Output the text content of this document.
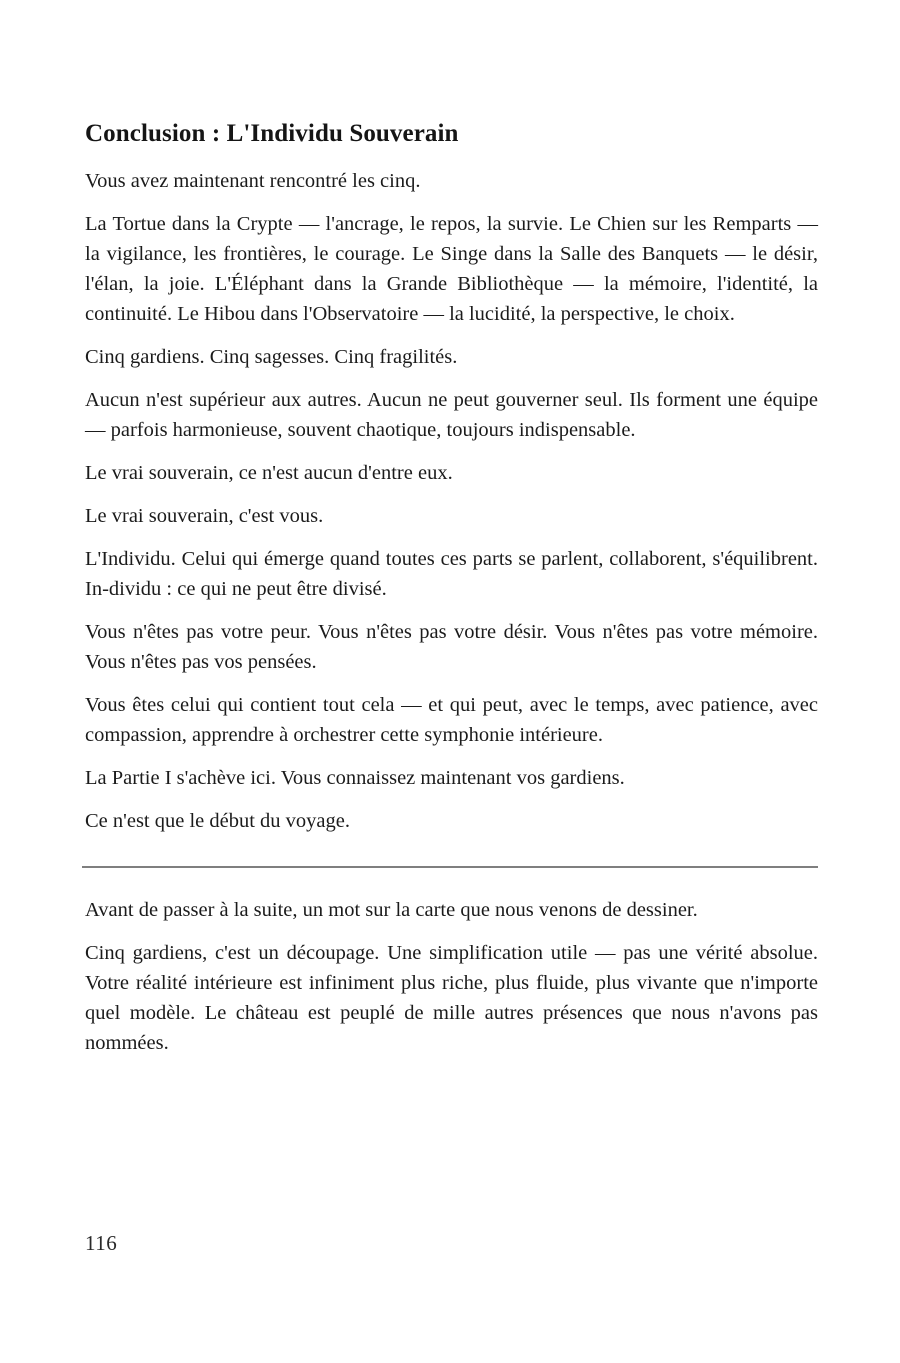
Conclusion : L'Individu Souverain

Vous avez maintenant rencontré les cinq.

La Tortue dans la Crypte — l'ancrage, le repos, la survie. Le Chien sur les Remparts — la vigilance, les frontières, le courage. Le Singe dans la Salle des Banquets — le désir, l'élan, la joie. L'Éléphant dans la Grande Bibliothèque — la mémoire, l'identité, la continuité. Le Hibou dans l'Observatoire — la lucidité, la perspective, le choix.

Cinq gardiens. Cinq sagesses. Cinq fragilités.

Aucun n'est supérieur aux autres. Aucun ne peut gouverner seul. Ils forment une équipe — parfois harmonieuse, souvent chaotique, toujours indispensable.

Le vrai souverain, ce n'est aucun d'entre eux.

Le vrai souverain, c'est vous.

L'Individu. Celui qui émerge quand toutes ces parts se parlent, collaborent, s'équilibrent. In-dividu : ce qui ne peut être divisé.

Vous n'êtes pas votre peur. Vous n'êtes pas votre désir. Vous n'êtes pas votre mémoire. Vous n'êtes pas vos pensées.

Vous êtes celui qui contient tout cela — et qui peut, avec le temps, avec patience, avec compassion, apprendre à orchestrer cette symphonie intérieure.

La Partie I s'achève ici. Vous connaissez maintenant vos gardiens.

Ce n'est que le début du voyage.

Avant de passer à la suite, un mot sur la carte que nous venons de dessiner.

Cinq gardiens, c'est un découpage. Une simplification utile — pas une vérité absolue. Votre réalité intérieure est infiniment plus riche, plus fluide, plus vivante que n'importe quel modèle. Le château est peuplé de mille autres présences que nous n'avons pas nommées.

116
